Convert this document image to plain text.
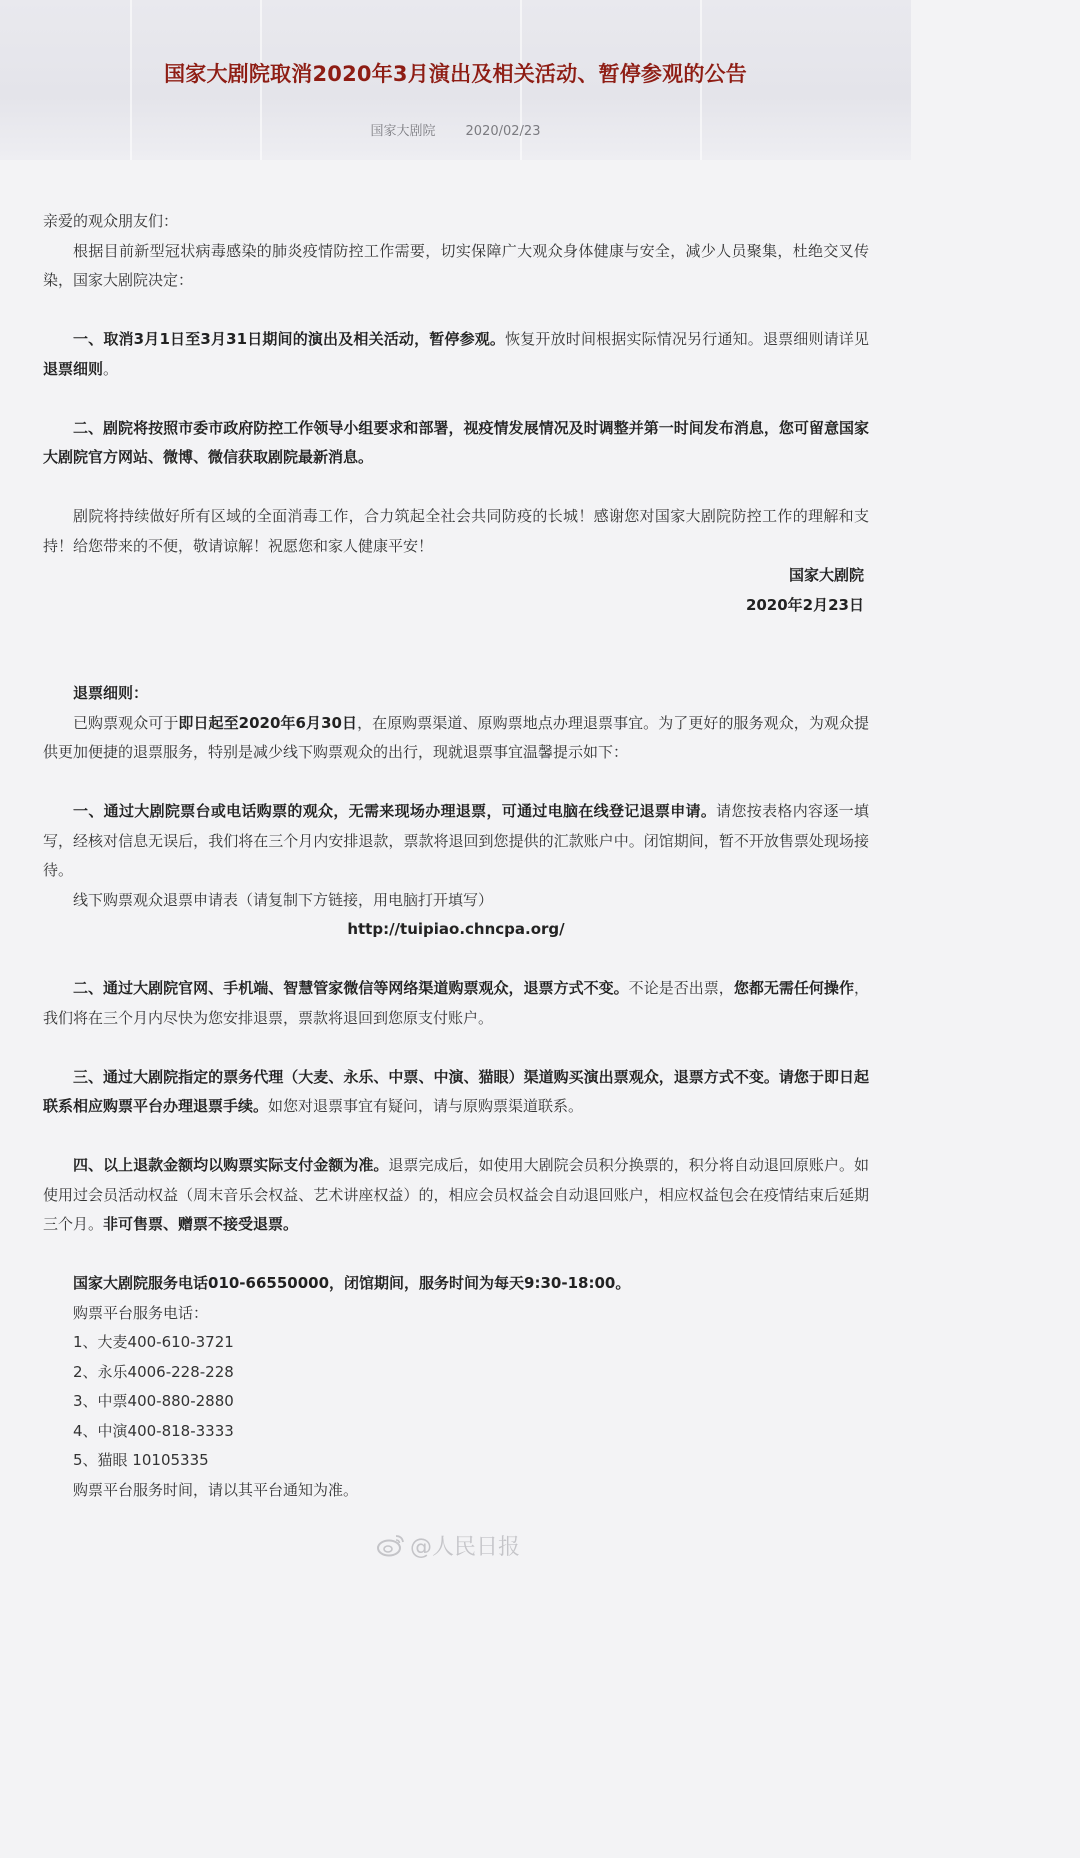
国家大剧院取消2020年3月演出及相关活动、暂停参观的公告
国家大剧院 2020/02/23

亲爱的观众朋友们：

根据目前新型冠状病毒感染的肺炎疫情防控工作需要，切实保障广大观众身体健康与安全，减少人员聚集，杜绝交叉传染，国家大剧院决定：

一、取消3月1日至3月31日期间的演出及相关活动，暂停参观。恢复开放时间根据实际情况另行通知。退票细则请详见退票细则。

二、剧院将按照市委市政府防控工作领导小组要求和部署，视疫情发展情况及时调整并第一时间发布消息，您可留意国家大剧院官方网站、微博、微信获取剧院最新消息。

剧院将持续做好所有区域的全面消毒工作，合力筑起全社会共同防疫的长城！感谢您对国家大剧院防控工作的理解和支持！给您带来的不便，敬请谅解！祝愿您和家人健康平安！

国家大剧院

2020年2月23日

退票细则：

已购票观众可于即日起至2020年6月30日，在原购票渠道、原购票地点办理退票事宜。为了更好的服务观众，为观众提供更加便捷的退票服务，特别是减少线下购票观众的出行，现就退票事宜温馨提示如下：

一、通过大剧院票台或电话购票的观众，无需来现场办理退票，可通过电脑在线登记退票申请。请您按表格内容逐一填写，经核对信息无误后，我们将在三个月内安排退款，票款将退回到您提供的汇款账户中。闭馆期间，暂不开放售票处现场接待。

线下购票观众退票申请表（请复制下方链接，用电脑打开填写）

http://tuipiao.chncpa.org/

二、通过大剧院官网、手机端、智慧管家微信等网络渠道购票观众，退票方式不变。不论是否出票，您都无需任何操作，我们将在三个月内尽快为您安排退票，票款将退回到您原支付账户。

三、通过大剧院指定的票务代理（大麦、永乐、中票、中演、猫眼）渠道购买演出票观众，退票方式不变。请您于即日起联系相应购票平台办理退票手续。如您对退票事宜有疑问，请与原购票渠道联系。

四、以上退款金额均以购票实际支付金额为准。退票完成后，如使用大剧院会员积分换票的，积分将自动退回原账户。如使用过会员活动权益（周末音乐会权益、艺术讲座权益）的，相应会员权益会自动退回账户，相应权益包会在疫情结束后延期三个月。非可售票、赠票不接受退票。

国家大剧院服务电话010-66550000，闭馆期间，服务时间为每天9:30-18:00。

购票平台服务电话：

1、大麦400-610-3721

2、永乐4006-228-228

3、中票400-880-2880

4、中演400-818-3333

5、猫眼 10105335

购票平台服务时间，请以其平台通知为准。

@人民日报
